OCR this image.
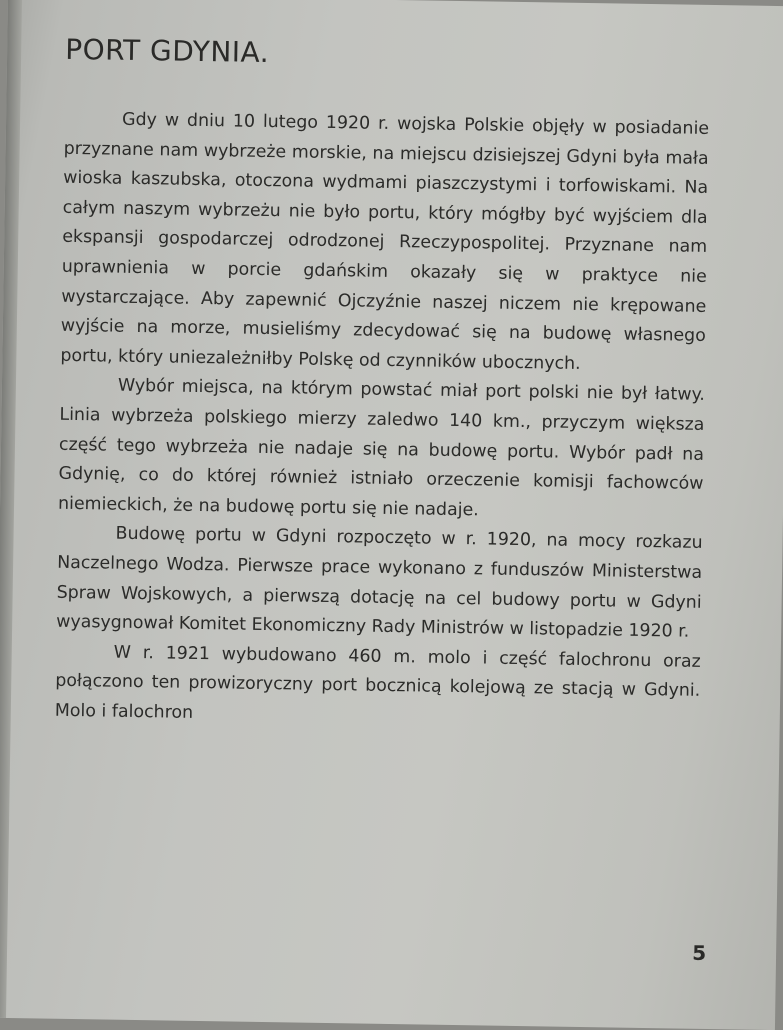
PORT GDYNIA.

Gdy w dniu 10 lutego 1920 r. wojska Polskie objęły w posiadanie przyznane nam wybrzeże morskie, na miejscu dzisiejszej Gdyni była mała wioska kaszubska, otoczona wydmami piaszczystymi i torfowiskami. Na całym naszym wybrzeżu nie było portu, który mógłby być wyjściem dla ekspansji gospodarczej odrodzonej Rzeczypospolitej. Przyznane nam uprawnienia w porcie gdańskim okazały się w praktyce nie wystarczające. Aby zapewnić Ojczyźnie naszej niczem nie krępowane wyjście na morze, musieliśmy zdecydować się na budowę własnego portu, który uniezależniłby Polskę od czynników ubocznych.

Wybór miejsca, na którym powstać miał port polski nie był łatwy. Linia wybrzeża polskiego mierzy zaledwo 140 km., przyczym większa część tego wybrzeża nie nadaje się na budowę portu. Wybór padł na Gdynię, co do której również istniało orzeczenie komisji fachowców niemieckich, że na budowę portu się nie nadaje.

Budowę portu w Gdyni rozpoczęto w r. 1920, na mocy rozkazu Naczelnego Wodza. Pierwsze prace wykonano z funduszów Ministerstwa Spraw Wojskowych, a pierwszą dotację na cel budowy portu w Gdyni wyasygnował Komitet Ekonomiczny Rady Ministrów w listopadzie 1920 r.

W r. 1921 wybudowano 460 m. molo i część falochronu oraz połączono ten prowizoryczny port bocznicą kolejową ze stacją w Gdyni. Molo i falochron

5
